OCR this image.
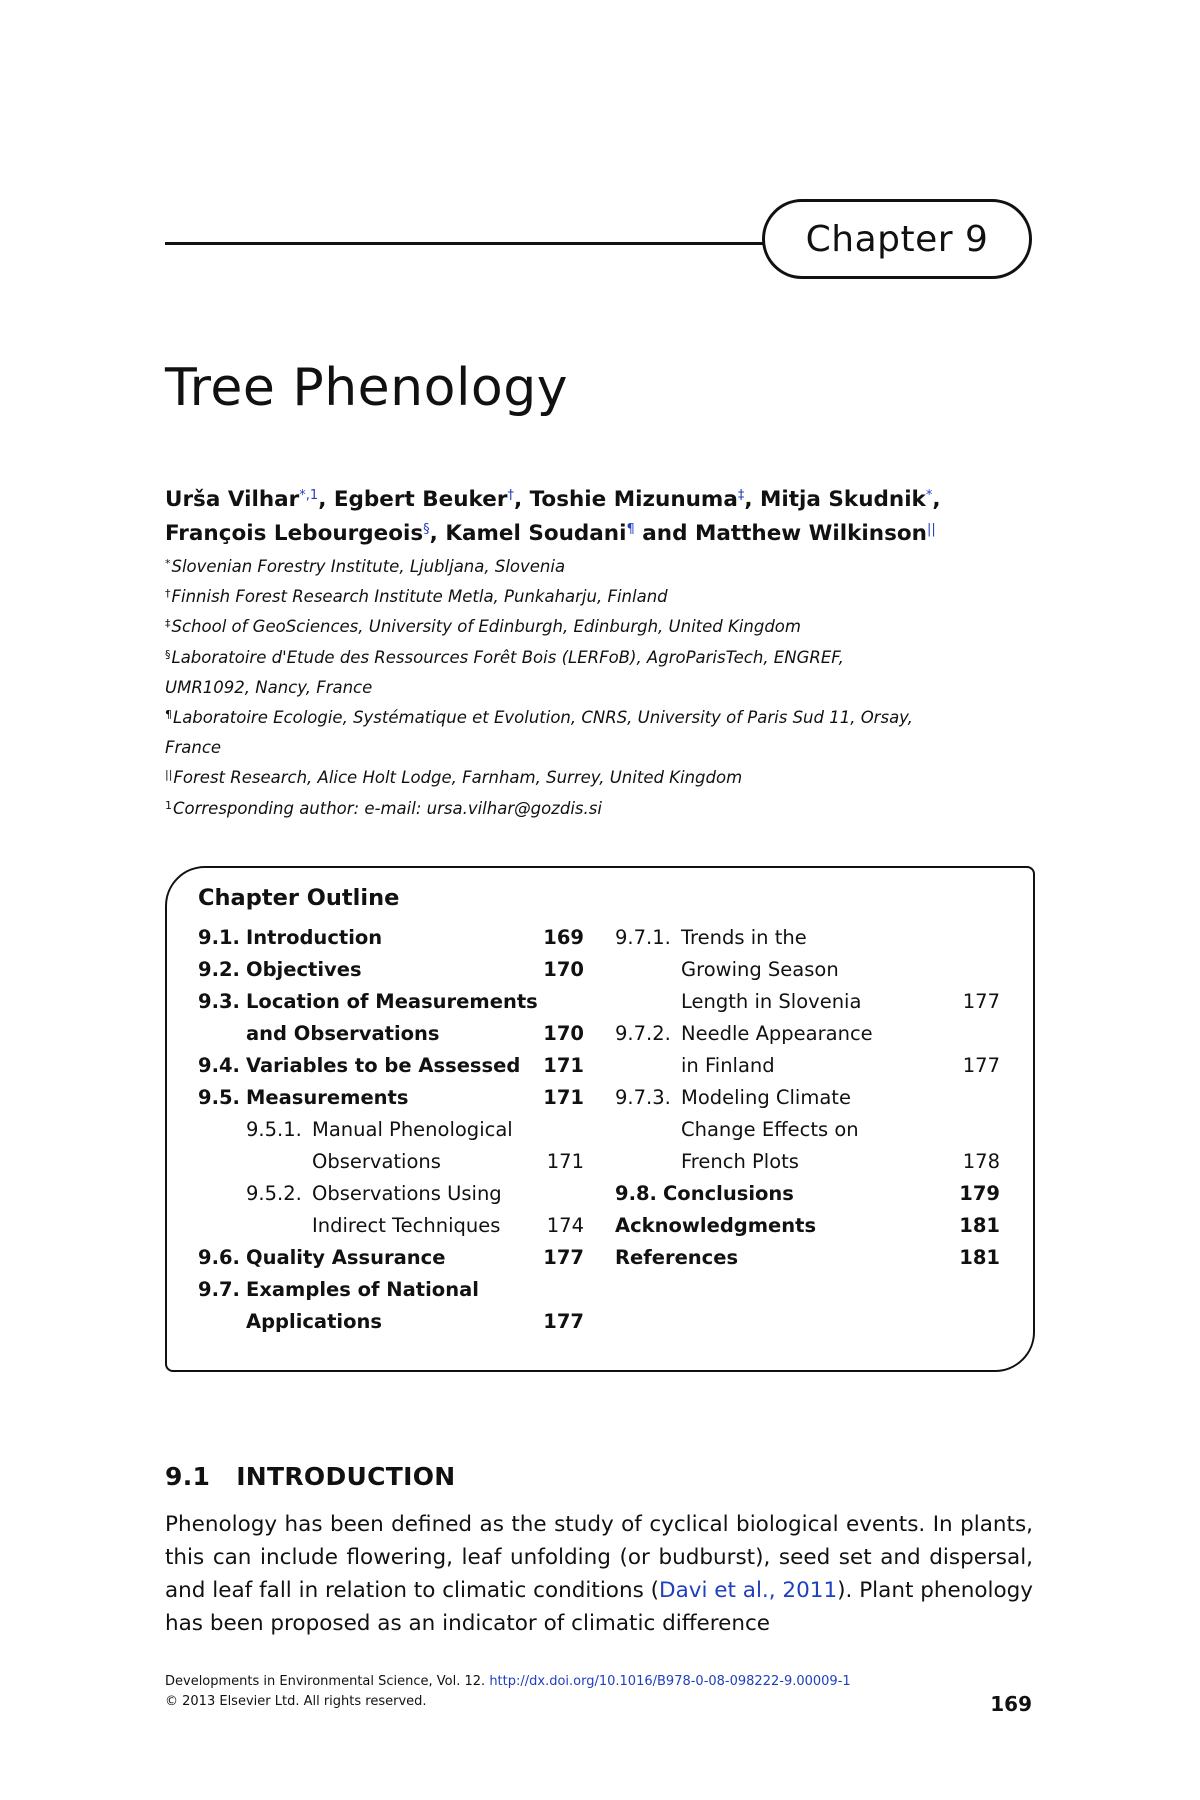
Chapter 9
Tree Phenology
Urša Vilhar$^{*,1}$, Egbert Beuker†, Toshie Mizunuma‡, Mitja Skudnik*,
François Lebourgeois§, Kamel Soudani¶ and Matthew Wilkinson||
*Slovenian Forestry Institute, Ljubljana, Slovenia
†Finnish Forest Research Institute Metla, Punkaharju, Finland
‡School of GeoSciences, University of Edinburgh, Edinburgh, United Kingdom
§Laboratoire d'Etude des Ressources Forêt Bois (LERFoB), AgroParisTech, ENGREF,
UMR1092, Nancy, France
¶Laboratoire Ecologie, Systématique et Evolution, CNRS, University of Paris Sud 11, Orsay,
France
||Forest Research, Alice Holt Lodge, Farnham, Surrey, United Kingdom
$^1$Corresponding author: e-mail: ursa.vilhar@gozdis.si
Chapter Outline
9.1. Introduction	169
9.2. Objectives	170
9.3. Location of Measurements
and Observations	170
9.4. Variables to be Assessed 171
9.5. Measurements	171
9.5.1. Manual Phenological
Observations	171
9.5.2. Observations Using
Indirect Techniques 174
9.6. Quality Assurance	177
9.7. Examples of National
Applications	177
9.7.1. Trends in the
Growing Season
Length in Slovenia	177
9.7.2. Needle Appearance
in Finland	177
9.7.3. Modeling Climate
Change Effects on
French Plots	178
9.8. Conclusions	179
Acknowledgments	181
References	181
9.1 INTRODUCTION

Phenology has been defined as the study of cyclical biological events. In plants, this can include flowering, leaf unfolding (or budburst), seed set and dispersal, and leaf fall in relation to climatic conditions (Davi et al., 2011). Plant phenology has been proposed as an indicator of climatic difference

Developments in Environmental Science, Vol. 12. http://dx.doi.org/10.1016/B978-0-08-098222-9.00009-1
© 2013 Elsevier Ltd. All rights reserved.	169
